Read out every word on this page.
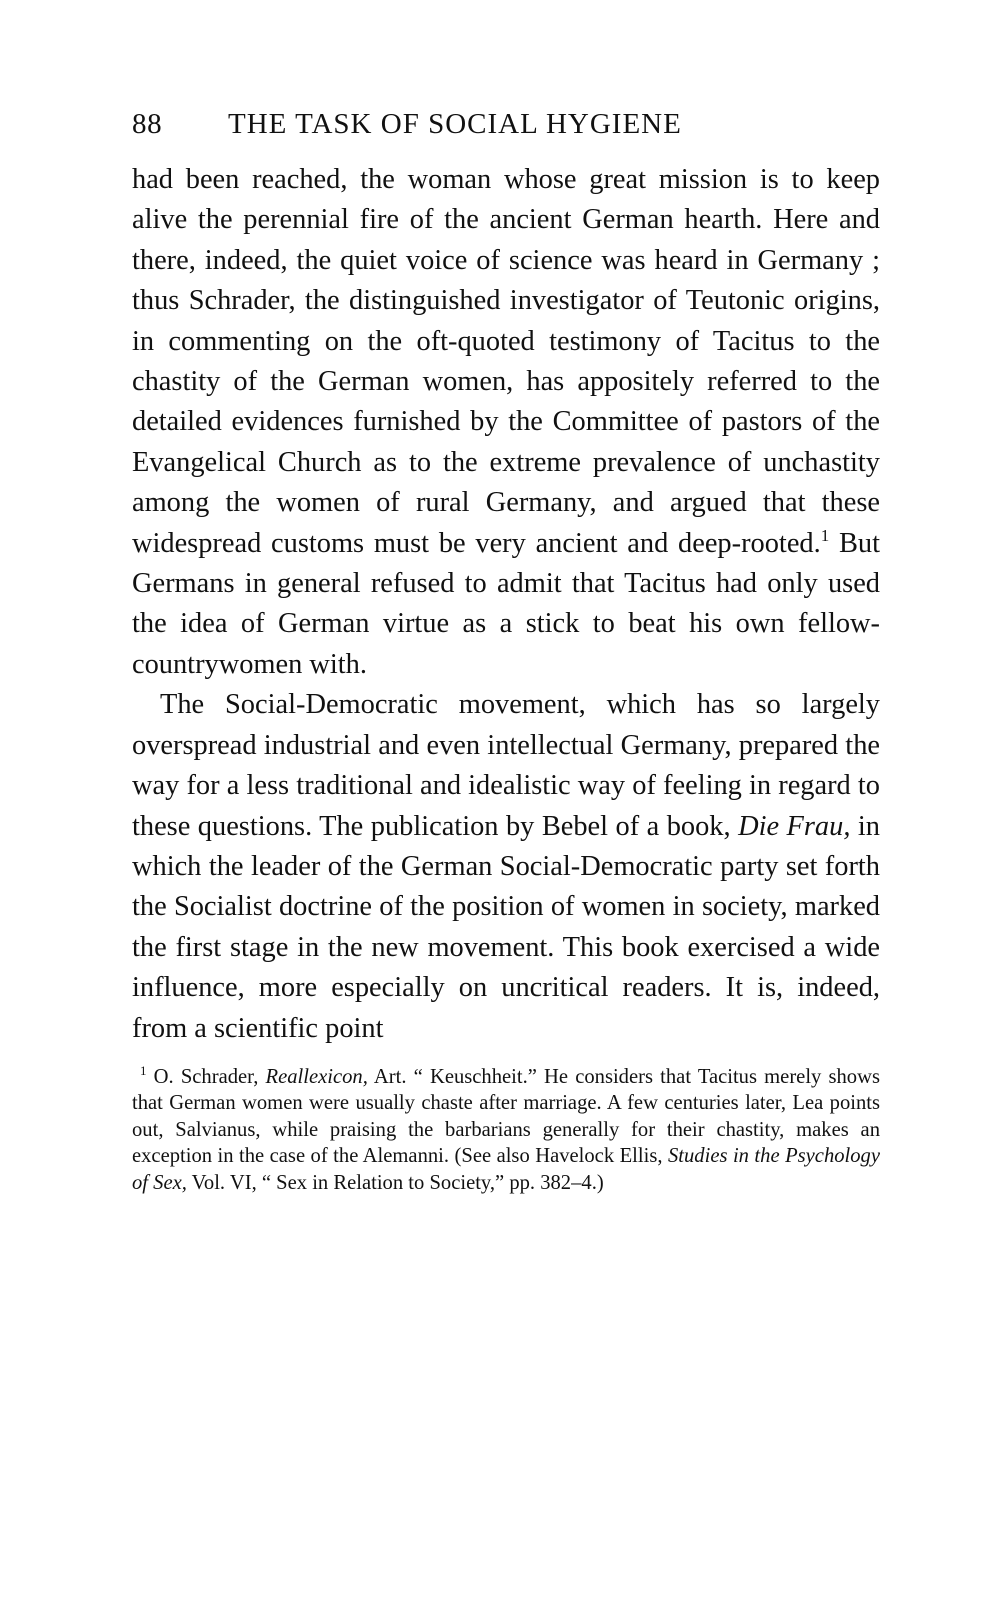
88	THE TASK OF SOCIAL HYGIENE

had been reached, the woman whose great mission is to keep alive the perennial fire of the ancient German hearth. Here and there, indeed, the quiet voice of science was heard in Germany ; thus Schrader, the distinguished investigator of Teutonic origins, in commenting on the oft-quoted testimony of Tacitus to the chastity of the German women, has appositely referred to the detailed evidences furnished by the Committee of pastors of the Evangelical Church as to the extreme prevalence of unchastity among the women of rural Germany, and argued that these widespread customs must be very ancient and deep-rooted.$^1$ But Germans in general refused to admit that Tacitus had only used the idea of German virtue as a stick to beat his own fellow-countrywomen with.

The Social-Democratic movement, which has so largely overspread industrial and even intellectual Germany, prepared the way for a less traditional and idealistic way of feeling in regard to these questions. The publication by Bebel of a book, Die Frau, in which the leader of the German Social-Democratic party set forth the Socialist doctrine of the position of women in society, marked the first stage in the new movement. This book exercised a wide influence, more especially on uncritical readers. It is, indeed, from a scientific point

$^1$ O. Schrader, Reallexicon, Art. “ Keuschheit.” He considers that Tacitus merely shows that German women were usually chaste after marriage. A few centuries later, Lea points out, Salvianus, while praising the barbarians generally for their chastity, makes an exception in the case of the Alemanni. (See also Havelock Ellis, Studies in the Psychology of Sex, Vol. VI, “ Sex in Relation to Society,” pp. 382–4.)
